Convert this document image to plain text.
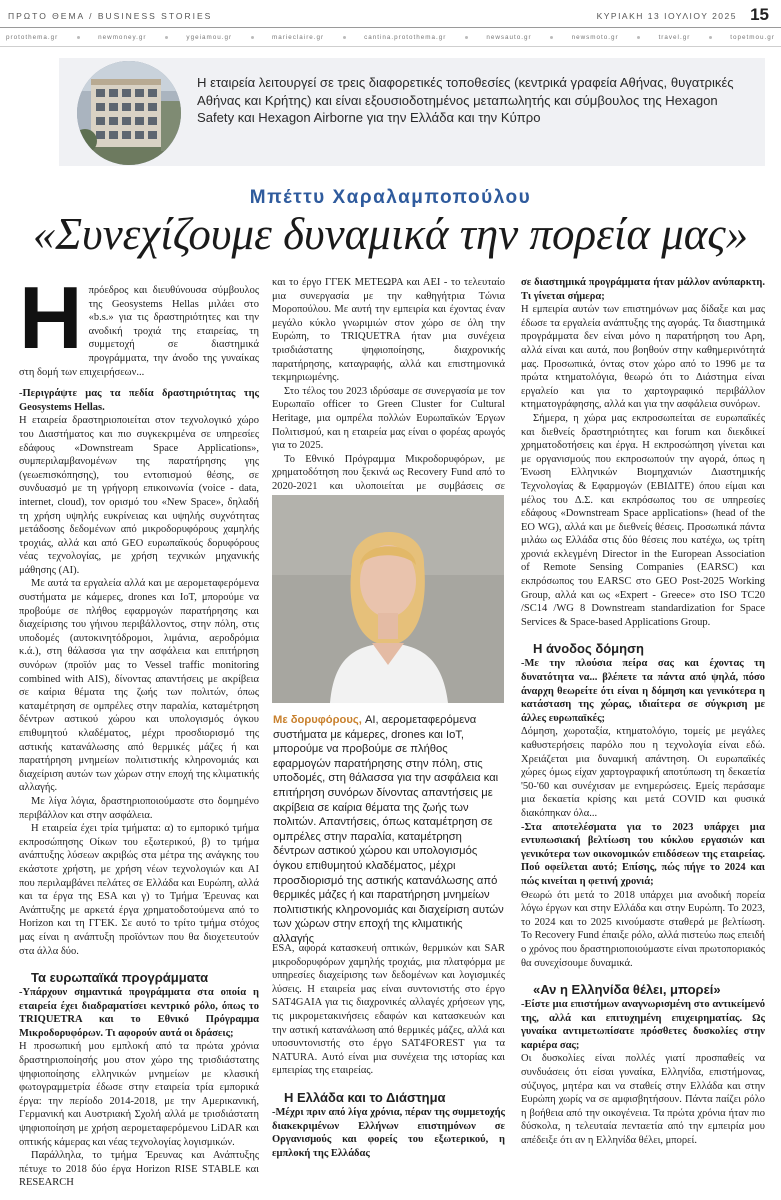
ΠΡΩΤΟ ΘΕΜΑ / BUSINESS STORIES	ΚΥΡΙΑΚΗ 13 ΙΟΥΛΙΟΥ 2025 15
protothema.gr	newmoney.gr	ygeiamou.gr	marieclaire.gr	cantina.protothema.gr	newsauto.gr	newsmoto.gr	travel.gr	topetmou.gr
Η εταιρεία λειτουργεί σε τρεις διαφορετικές τοποθεσίες (κεντρικά γραφεία Αθήνας, θυγατρικές Αθήνας και Κρήτης) και είναι εξουσιοδοτημένος μεταπωλητής και σύμβουλος της Hexagon Safety και Hexagon Airborne για την Ελλάδα και την Κύπρο
Μπέττυ Χαραλαμποπούλου
«Συνεχίζουμε δυναμικά την πορεία μας»
Η πρόεδρος και διευθύνουσα σύμβουλος της Geosystems Hellas μιλάει στο «b.s.» για τις δραστηριότητες και την ανοδική τροχιά της εταιρείας, τη συμμετοχή σε διαστημικά προγράμματα, την άνοδο της γυναίκας στη δομή των επιχειρήσεων...

-Περιγράψτε μας τα πεδία δραστηριότητας της Geosystems Hellas.

Η εταιρεία δραστηριοποιείται στον τεχνολογικό χώρο του Διαστήματος και πιο συγκεκριμένα σε υπηρεσίες εδάφους «Downstream Space Applications», συμπεριλαμβανομένων της παρατήρησης γης (γεωεπισκόπησης), του εντοπισμού θέσης, σε συνδυασμό με τη γρήγορη επικοινωνία (voice - data, internet, cloud), τον ορισμό του «New Space», δηλαδή τη χρήση υψηλής ευκρίνειας και υψηλής συχνότητας μετάδοσης δεδομένων από μικροδορυφόρους χαμηλής τροχιάς, αλλά και από GEO ευρωπαϊκούς δορυφόρους νέας τεχνολογίας, με χρήση τεχνικών μηχανικής μάθησης (AI).

Με αυτά τα εργαλεία αλλά και με αερομεταφερόμενα συστήματα με κάμερες, drones και IoT, μπορούμε να προβούμε σε πλήθος εφαρμογών παρατήρησης και διαχείρισης του γήινου περιβάλλοντος, στην πόλη, στις υποδομές (αυτοκινητόδρομοι, λιμάνια, αεροδρόμια κ.ά.), στη θάλασσα για την ασφάλεια και επιτήρηση συνόρων (προϊόν μας το Vessel traffic monitoring combined with AIS), δίνοντας απαντήσεις με ακρίβεια σε καίρια θέματα της ζωής των πολιτών, όπως καταμέτρηση σε ομπρέλες στην παραλία, καταμέτρηση δέντρων αστικού χώρου και υπολογισμός όγκου επιθυμητού κλαδέματος, μέχρι προσδιορισμό της αστικής κατανάλωσης από θερμικές μάζες ή και παρατήρηση μνημείων πολιτιστικής κληρονομιάς και διαχείριση αυτών των χώρων στην εποχή της κλιματικής αλλαγής.

Με λίγα λόγια, δραστηριοποιούμαστε στο δομημένο περιβάλλον και στην ασφάλεια.

Η εταιρεία έχει τρία τμήματα: α) το εμπορικό τμήμα εκπροσώπησης Οίκων του εξωτερικού, β) το τμήμα ανάπτυξης λύσεων ακριβώς στα μέτρα της ανάγκης του εκάστοτε χρήστη, με χρήση νέων τεχνολογιών και AI που περιλαμβάνει πελάτες σε Ελλάδα και Ευρώπη, αλλά και τα έργα της ESA και γ) το Τμήμα Έρευνας και Ανάπτυξης με αρκετά έργα χρηματοδοτούμενα από το Horizon και τη ΓΓΕΚ. Σε αυτό το τρίτο τμήμα στόχος μας είναι η ανάπτυξη προϊόντων που θα διοχετευτούν στα άλλα δύο.

Τα ευρωπαϊκά προγράμματα

-Υπάρχουν σημαντικά προγράμματα στα οποία η εταιρεία έχει διαδραματίσει κεντρικό ρόλο, όπως το TRIQUETRA και το Εθνικό Πρόγραμμα Μικροδορυφόρων. Τι αφορούν αυτά οι δράσεις;

Η προσωπική μου εμπλοκή από τα πρώτα χρόνια δραστηριοποίησής μου στον χώρο της τρισδιάστατης ψηφιοποίησης ελληνικών μνημείων με κλασική φωτογραμμετρία έδωσε στην εταιρεία τρία εμπορικά έργα: την περίοδο 2014-2018, με την Αμερικανική, Γερμανική και Αυστριακή Σχολή αλλά με τρισδιάστατη ψηφιοποίηση με χρήση αερομεταφερόμενου LiDAR και οπτικής κάμερας και νέας τεχνολογίας λογισμικών.

Παράλληλα, το τμήμα Έρευνας και Ανάπτυξης πέτυχε το 2018 δύο έργα Horizon RISE STABLE και RESEARCH

και το έργο ΓΓΕΚ ΜΕΤΕΩΡΑ και ΑΕΙ - το τελευταίο μια συνεργασία με την καθηγήτρια Τώνια Μοροπούλου. Με αυτή την εμπειρία και έχοντας έναν μεγάλο κύκλο γνωριμιών στον χώρο σε όλη την Ευρώπη, το TRIQUETRA ήταν μια συνέχεια τρισδιάστατης ψηφιοποίησης, διαχρονικής παρατήρησης, καταγραφής, αλλά και επιστημονικά τεκμηριωμένης.

Στο τέλος του 2023 ιδρύσαμε σε συνεργασία με τον Ευρωπαϊο officer το Green Cluster for Cultural Heritage, μια ομπρέλα πολλών Ευρωπαϊκών Έργων Πολιτισμού, και η εταιρεία μας είναι ο φορέας αρωγός για το 2025.

Το Εθνικό Πρόγραμμα Μικροδορυφόρων, με χρηματοδότηση που ξεκινά ως Recovery Fund από το 2020-2021 και υλοποιείται με συμβάσεις σε

Με δορυφόρους, AI, αερομεταφερόμενα συστήματα με κάμερες, drones και IoT, μπορούμε να προβούμε σε πλήθος εφαρμογών παρατήρησης στην πόλη, στις υποδομές, στη θάλασσα για την ασφάλεια και επιτήρηση συνόρων δίνοντας απαντήσεις με ακρίβεια σε καίρια θέματα της ζωής των πολιτών. Απαντήσεις, όπως καταμέτρηση σε ομπρέλες στην παραλία, καταμέτρηση δέντρων αστικού χώρου και υπολογισμός όγκου επιθυμητού κλαδέματος, μέχρι προσδιορισμό της αστικής κατανάλωσης από θερμικές μάζες ή και παρατήρηση μνημείων πολιτιστικής κληρονομιάς και διαχείριση αυτών των χώρων στην εποχή της κλιματικής αλλαγής

ESA, αφορά κατασκευή οπτικών, θερμικών και SAR μικροδορυφόρων χαμηλής τροχιάς, μια πλατφόρμα με υπηρεσίες διαχείρισης των δεδομένων και λογισμικές λύσεις. Η εταιρεία μας είναι συντονιστής στο έργο SAT4GAIA για τις διαχρονικές αλλαγές χρήσεων γης, τις μικρομετακινήσεις εδαφών και κατασκευών και την αστική κατανάλωση από θερμικές μάζες, αλλά και υποσυντονιστής στο έργο SAT4FOREST για τα NATURA. Αυτό είναι μια συνέχεια της ιστορίας και εμπειρίας της εταιρείας.

Η Ελλάδα και το Διάστημα

-Μέχρι πριν από λίγα χρόνια, πέραν της συμμετοχής διακεκριμένων Ελλήνων επιστημόνων σε Οργανισμούς και φορείς του εξωτερικού, η εμπλοκή της Ελλάδας

σε διαστημικά προγράμματα ήταν μάλλον ανύπαρκτη. Τι γίνεται σήμερα;

Η εμπειρία αυτών των επιστημόνων μας δίδαξε και μας έδωσε τα εργαλεία ανάπτυξης της αγοράς. Τα διαστημικά προγράμματα δεν είναι μόνο η παρατήρηση του Αρη, αλλά είναι και αυτά, που βοηθούν στην καθημερινότητά μας. Προσωπικά, όντας στον χώρο από το 1996 με τα πρώτα κτηματολόγια, θεωρώ ότι το Διάστημα είναι εργαλείο και για το χαρτογραφικό περιβάλλον κτηματογράφησης, αλλά και για την ασφάλεια συνόρων.

Σήμερα, η χώρα μας εκπροσωπείται σε ευρωπαϊκές και διεθνείς δραστηριότητες και forum και διεκδικεί χρηματοδοτήσεις και έργα. Η εκπροσώπηση γίνεται και με οργανισμούς που εκπροσωπούν την αγορά, όπως η Ένωση Ελληνικών Βιομηχανιών Διαστημικής Τεχνολογίας & Εφαρμογών (ΕΒΙΔΙΤΕ) όπου είμαι και μέλος του Δ.Σ. και εκπρόσωπος του σε υπηρεσίες εδάφους «Downstream Space applications» (head of the EO WG), αλλά και με διεθνείς θέσεις. Προσωπικά πάντα μιλάω ως Ελλάδα στις δύο θέσεις που κατέχω, ως τρίτη χρονιά εκλεγμένη Director in the European Association of Remote Sensing Companies (EARSC) και εκπρόσωπος του EARSC στο GEO Post-2025 Working Group, αλλά και ως «Expert - Greece» στο ISO TC20 /SC14 /WG 8 Downstream standardization for Space Services & Space-based Applications Group.

Η άνοδος δόμηση

-Με την πλούσια πείρα σας και έχοντας τη δυνατότητα να... βλέπετε τα πάντα από ψηλά, πόσο άναρχη θεωρείτε ότι είναι η δόμηση και γενικότερα η κατάσταση της χώρας, ιδιαίτερα σε σύγκριση με άλλες ευρωπαϊκές;

Δόμηση, χωροταξία, κτηματολόγιο, τομείς με μεγάλες καθυστερήσεις παρόλο που η τεχνολογία είναι εδώ. Χρειάζεται μια δυναμική απάντηση. Οι ευρωπαϊκές χώρες όμως είχαν χαρτογραφική αποτύπωση τη δεκαετία '50-'60 και συνέχισαν με ενημερώσεις. Εμείς περάσαμε μια δεκαετία κρίσης και μετά COVID και φυσικά διακόπηκαν όλα...

-Στα αποτελέσματα για το 2023 υπάρχει μια εντυπωσιακή βελτίωση του κύκλου εργασιών και γενικότερα των οικονομικών επιδόσεων της εταιρείας. Πού οφείλεται αυτό; Επίσης, πώς πήγε το 2024 και πώς κινείται η φετινή χρονιά;

Θεωρώ ότι μετά το 2018 υπάρχει μια ανοδική πορεία λόγω έργων και στην Ελλάδα και στην Ευρώπη. Το 2023, το 2024 και το 2025 κινούμαστε σταθερά με βελτίωση. Το Recovery Fund έπαιξε ρόλο, αλλά πιστεύω πως επειδή ο χρόνος που δραστηριοποιούμαστε είναι πρωτοποριακός θα συνεχίσουμε δυναμικά.

«Αν η Ελληνίδα θέλει, μπορεί»

-Είστε μια επιστήμων αναγνωρισμένη στο αντικείμενό της, αλλά και επιτυχημένη επιχειρηματίας. Ως γυναίκα αντιμετωπίσατε πρόσθετες δυσκολίες στην καριέρα σας;

Οι δυσκολίες είναι πολλές γιατί προσπαθείς να συνδυάσεις ότι είσαι γυναίκα, Ελληνίδα, επιστήμονας, σύζυγος, μητέρα και να σταθείς στην Ελλάδα και στην Ευρώπη χωρίς να σε αμφισβητήσουν. Πάντα παίζει ρόλο η βοήθεια από την οικογένεια. Τα πρώτα χρόνια ήταν πιο δύσκολα, η τελευταία πενταετία από την εμπειρία μου απέδειξε ότι αν η Ελληνίδα θέλει, μπορεί.
